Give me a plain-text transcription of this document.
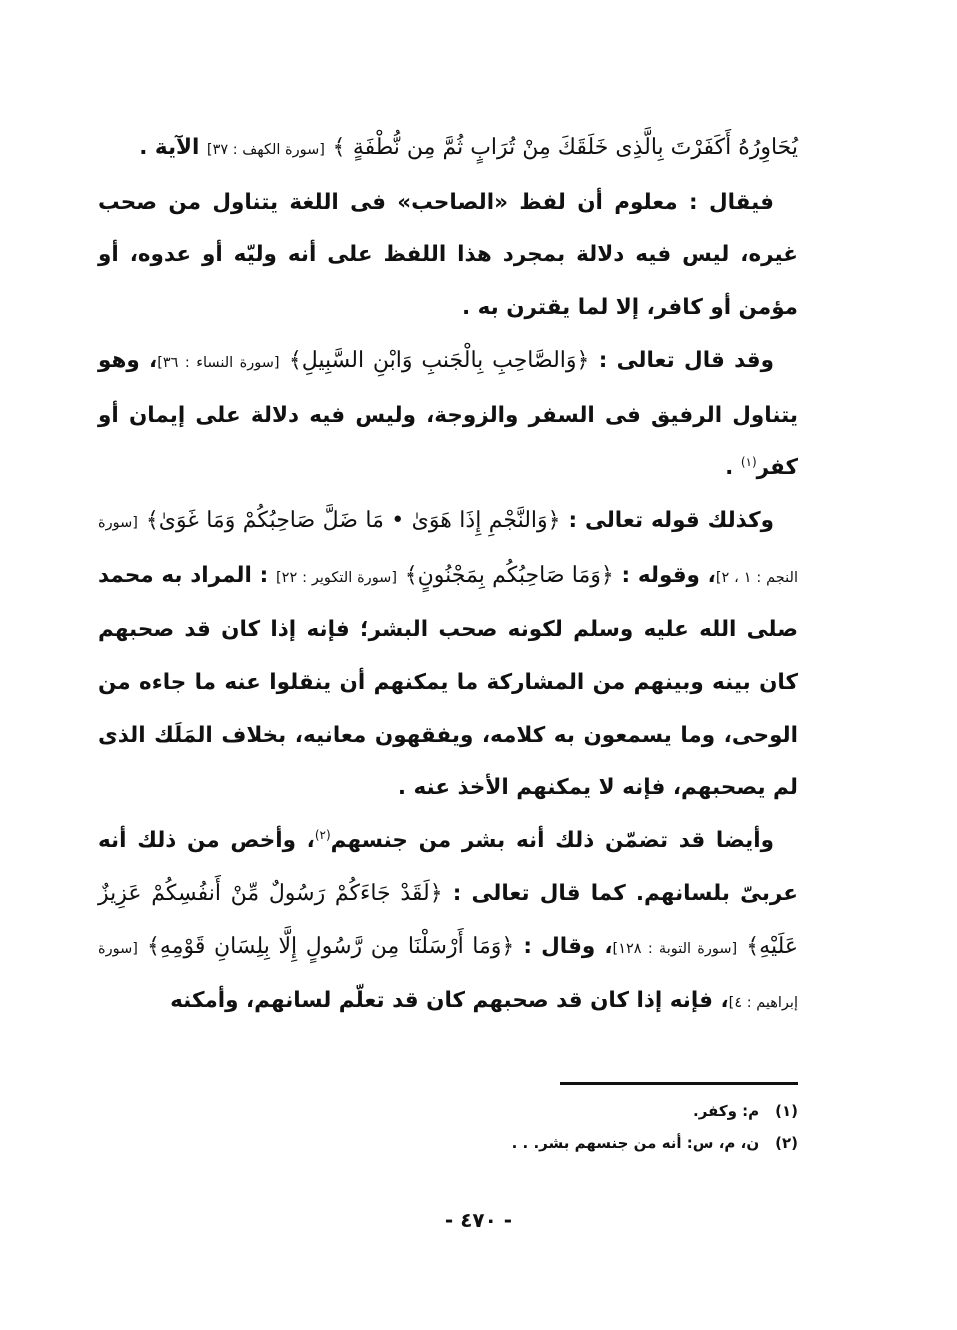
يُحَاوِرُهُ أَكَفَرْتَ بِالَّذِى خَلَقَكَ مِنْ تُرَابٍ ثُمَّ مِن نُّطْفَةٍ ﴾ [سورة الكهف : ٣٧] الآية .

فيقال : معلوم أن لفظ «الصاحب» فى اللغة يتناول من صحب غيره، ليس فيه دلالة بمجرد هذا اللفظ على أنه وليّه أو عدوه، أو مؤمن أو كافر، إلا لما يقترن به .

وقد قال تعالى : ﴿وَالصَّاحِبِ بِالْجَنبِ وَابْنِ السَّبِيلِ﴾ [سورة النساء : ٣٦]، وهو يتناول الرفيق فى السفر والزوجة، وليس فيه دلالة على إيمان أو كفر$^{(١)}$ .

وكذلك قوله تعالى : ﴿وَالنَّجْمِ إِذَا هَوَىٰ • مَا ضَلَّ صَاحِبُكُمْ وَمَا غَوَىٰ﴾ [سورة النجم : ١ ، ٢]، وقوله : ﴿وَمَا صَاحِبُكُم بِمَجْنُونٍ﴾ [سورة التكوير : ٢٢] : المراد به محمد صلى الله عليه وسلم لكونه صحب البشر؛ فإنه إذا كان قد صحبهم كان بينه وبينهم من المشاركة ما يمكنهم أن ينقلوا عنه ما جاءه من الوحى، وما يسمعون به كلامه، ويفقهون معانيه، بخلاف المَلَك الذى لم يصحبهم، فإنه لا يمكنهم الأخذ عنه .

وأيضا قد تضمّن ذلك أنه بشر من جنسهم$^{(٢)}$، وأخص من ذلك أنه عربىّ بلسانهم. كما قال تعالى : ﴿لَقَدْ جَاءَكُمْ رَسُولٌ مِّنْ أَنفُسِكُمْ عَزِيزٌ عَلَيْهِ﴾ [سورة التوبة : ١٢٨]، وقال : ﴿وَمَا أَرْسَلْنَا مِن رَّسُولٍ إِلَّا بِلِسَانِ قَوْمِهِ﴾ [سورة إبراهيم : ٤]، فإنه إذا كان قد صحبهم كان قد تعلّم لسانهم، وأمكنه

(١)م: وكفر.

(٢)ن، م، س: أنه من جنسهم بشر. . .

- ٤٧٠ -
